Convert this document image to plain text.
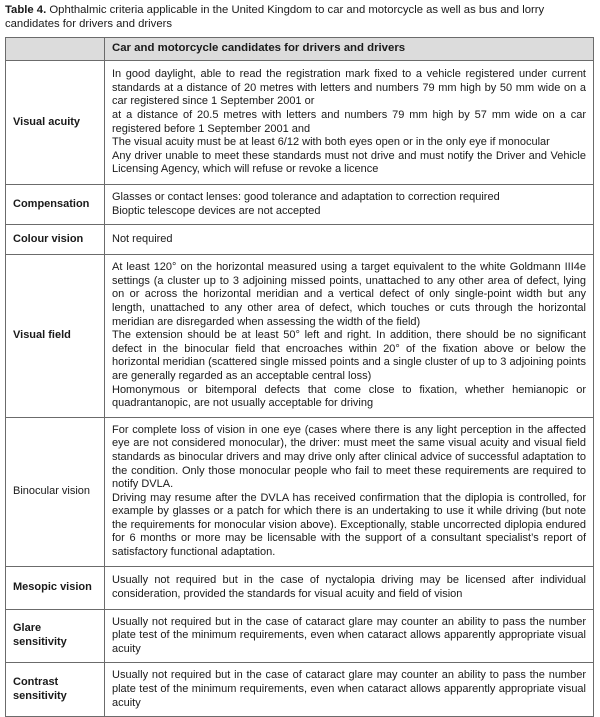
Table 4. Ophthalmic criteria applicable in the United Kingdom to car and motorcycle as well as bus and lorry candidates for drivers and drivers
	Car and motorcycle candidates for drivers and drivers
Visual acuity	In good daylight, able to read the registration mark fixed to a vehicle registered under current standards at a distance of 20 metres with letters and numbers 79 mm high by 50 mm wide on a car registered since 1 September 2001 or
at a distance of 20.5 metres with letters and numbers 79 mm high by 57 mm wide on a car registered before 1 September 2001 and
The visual acuity must be at least 6/12 with both eyes open or in the only eye if monocular
Any driver unable to meet these standards must not drive and must notify the Driver and Vehicle Licensing Agency, which will refuse or revoke a licence

Compensation	Glasses or contact lenses: good tolerance and adaptation to correction required
Bioptic telescope devices are not accepted

Colour vision	Not required

Visual field	At least 120° on the horizontal measured using a target equivalent to the white Goldmann III4e settings (a cluster up to 3 adjoining missed points, unattached to any other area of defect, lying on or across the horizontal meridian and a vertical defect of only single-point width but any length, unattached to any other area of defect, which touches or cuts through the horizontal meridian are disregarded when assessing the width of the field)
The extension should be at least 50° left and right. In addition, there should be no significant defect in the binocular field that encroaches within 20° of the fixation above or below the horizontal meridian (scattered single missed points and a single cluster of up to 3 adjoining points are generally regarded as an acceptable central loss)
Homonymous or bitemporal defects that come close to fixation, whether hemianopic or quadrantanopic, are not usually acceptable for driving

Binocular vision	For complete loss of vision in one eye (cases where there is any light perception in the affected eye are not considered monocular), the driver: must meet the same visual acuity and visual field standards as binocular drivers and may drive only after clinical advice of successful adaptation to the condition. Only those monocular people who fail to meet these requirements are required to notify DVLA.
Driving may resume after the DVLA has received confirmation that the diplopia is controlled, for example by glasses or a patch for which there is an undertaking to use it while driving (but note the requirements for monocular vision above). Exceptionally, stable uncorrected diplopia endured for 6 months or more may be licensable with the support of a consultant specialist’s report of satisfactory functional adaptation.

Mesopic vision	Usually not required but in the case of nyctalopia driving may be licensed after individual consideration, provided the standards for visual acuity and field of vision

Glare sensitivity	Usually not required but in the case of cataract glare may counter an ability to pass the number plate test of the minimum requirements, even when cataract allows apparently appropriate visual acuity

Contrast sensitivity	Usually not required but in the case of cataract glare may counter an ability to pass the number plate test of the minimum requirements, even when cataract allows apparently appropriate visual acuity
